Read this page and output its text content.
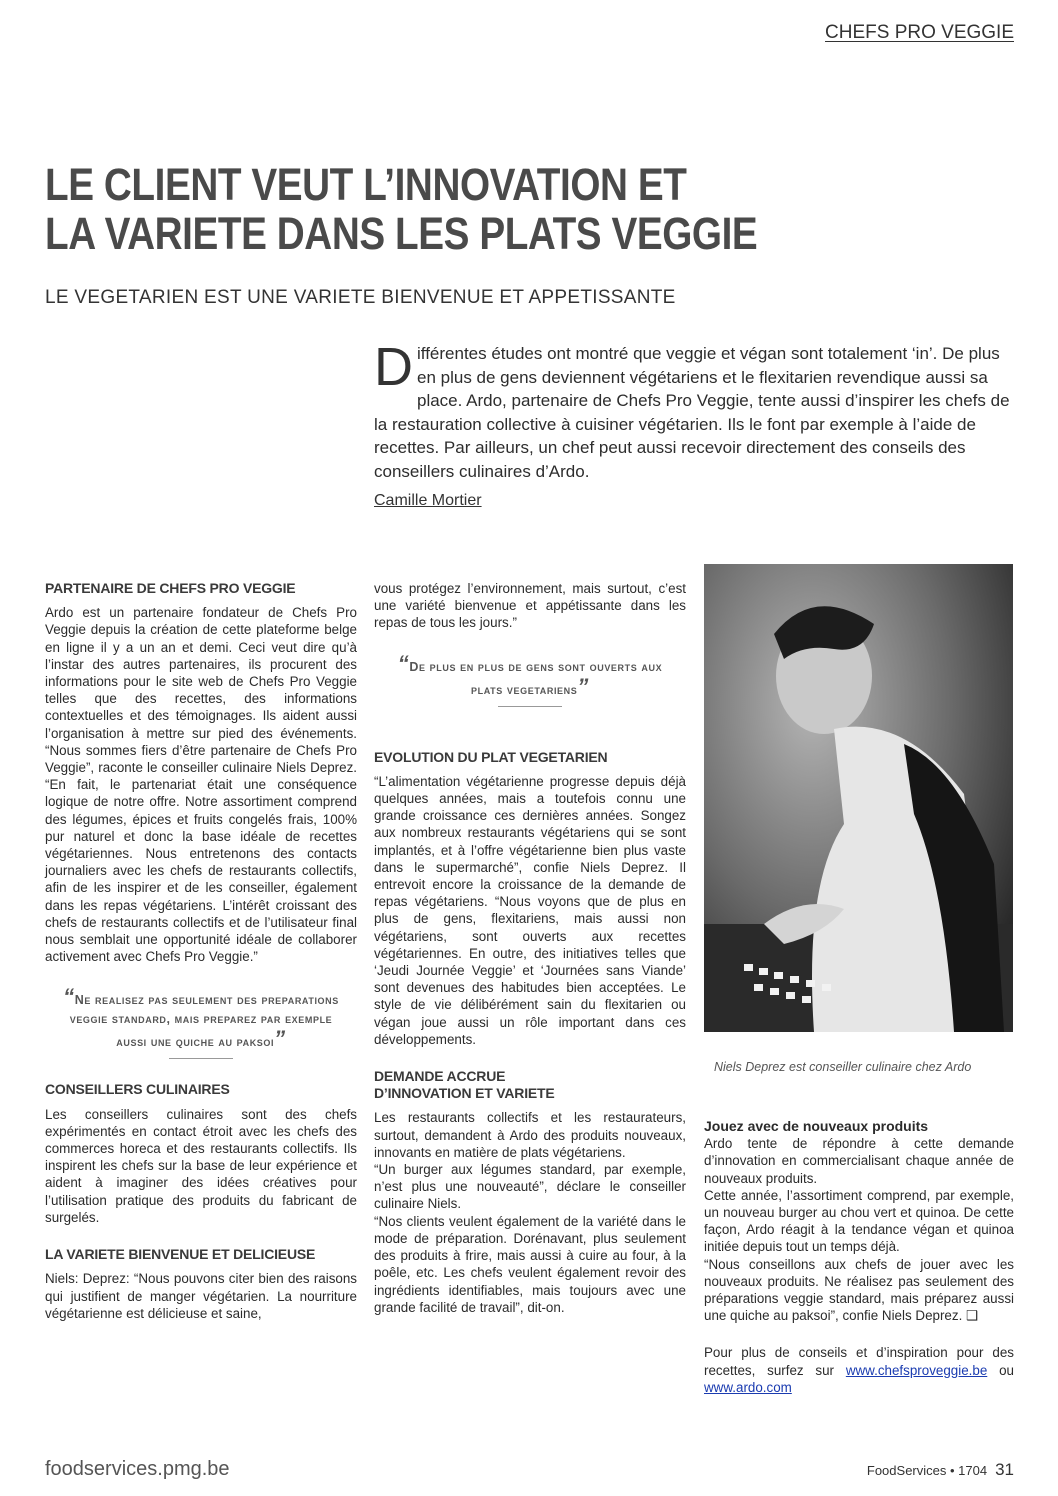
CHEFS PRO VEGGIE
LE CLIENT VEUT L’INNOVATION ET
LA VARIETE DANS LES PLATS VEGGIE
LE VEGETARIEN EST UNE VARIETE BIENVENUE ET APPETISSANTE
Différentes études ont montré que veggie et végan sont totalement ‘in’. De plus en plus de gens deviennent végétariens et le flexitarien revendique aussi sa place. Ardo, partenaire de Chefs Pro Veggie, tente aussi d’inspirer les chefs de la restauration collective à cuisiner végétarien. Ils le font par exemple à l’aide de recettes. Par ailleurs, un chef peut aussi recevoir directement des conseils des conseillers culinaires d’Ardo.
Camille Mortier
PARTENAIRE DE CHEFS PRO VEGGIE
Ardo est un partenaire fondateur de Chefs Pro Veggie depuis la création de cette plateforme belge en ligne il y a un an et demi. Ceci veut dire qu’à l’instar des autres partenaires, ils procurent des informations pour le site web de Chefs Pro Veggie telles que des recettes, des informations contextuelles et des témoignages. Ils aident aussi l’organisation à mettre sur pied des événements. “Nous sommes fiers d’être partenaire de Chefs Pro Veggie”, raconte le conseiller culinaire Niels Deprez. “En fait, le partenariat était une conséquence logique de notre offre. Notre assortiment comprend des légumes, épices et fruits congelés frais, 100% pur naturel et donc la base idéale de recettes végétariennes. Nous entretenons des contacts journaliers avec les chefs de restaurants collectifs, afin de les inspirer et de les conseiller, également dans les repas végétariens. L’intérêt croissant des chefs de restaurants collectifs et de l’utilisateur final nous semblait une opportunité idéale de collaborer activement avec Chefs Pro Veggie.”
“Ne realisez pas seulement des preparations veggie standard, mais preparez par exemple aussi une quiche au paksoi”
CONSEILLERS CULINAIRES
Les conseillers culinaires sont des chefs expérimentés en contact étroit avec les chefs des commerces horeca et des restaurants collectifs. Ils inspirent les chefs sur la base de leur expérience et aident à imaginer des idées créatives pour l’utilisation pratique des produits du fabricant de surgelés.
LA VARIETE BIENVENUE ET DELICIEUSE
Niels: Deprez: “Nous pouvons citer bien des raisons qui justifient de manger végétarien. La nourriture végétarienne est délicieuse et saine,
vous protégez l’environnement, mais surtout, c’est une variété bienvenue et appétissante dans les repas de tous les jours.”
“De plus en plus de gens sont ouverts aux plats vegetariens”
EVOLUTION DU PLAT VEGETARIEN
“L’alimentation végétarienne progresse depuis déjà quelques années, mais a toutefois connu une grande croissance ces dernières années. Songez aux nombreux restaurants végétariens qui se sont implantés, et à l’offre végétarienne bien plus vaste dans le supermarché”, confie Niels Deprez. Il entrevoit encore la croissance de la demande de repas végétariens. “Nous voyons que de plus en plus de gens, flexitariens, mais aussi non végétariens, sont ouverts aux recettes végétariennes. En outre, des initiatives telles que ‘Jeudi Journée Veggie’ et ‘Journées sans Viande’ sont devenues des habitudes bien acceptées. Le style de vie délibérément sain du flexitarien ou végan joue aussi un rôle important dans ces développements.
DEMANDE ACCRUE
D’INNOVATION ET VARIETE
Les restaurants collectifs et les restaurateurs, surtout, demandent à Ardo des produits nouveaux, innovants en matière de plats végétariens.
“Un burger aux légumes standard, par exemple, n’est plus une nouveauté”, déclare le conseiller culinaire Niels.
“Nos clients veulent également de la variété dans le mode de préparation. Dorénavant, plus seulement des produits à frire, mais aussi à cuire au four, à la poêle, etc. Les chefs veulent également revoir des ingrédients identifiables, mais toujours avec une grande facilité de travail”, dit-on.
Niels Deprez est conseiller culinaire chez Ardo
Jouez avec de nouveaux produits
Ardo tente de répondre à cette demande d’innovation en commercialisant chaque année de nouveaux produits.
Cette année, l’assortiment comprend, par exemple, un nouveau burger au chou vert et quinoa. De cette façon, Ardo réagit à la tendance végan et quinoa initiée depuis tout un temps déjà.
“Nous conseillons aux chefs de jouer avec les nouveaux produits. Ne réalisez pas seulement des préparations veggie standard, mais préparez aussi une quiche au paksoi”, confie Niels Deprez. ❑
Pour plus de conseils et d’inspiration pour des recettes, surfez sur www.chefsproveggie.be ou www.ardo.com
foodservices.pmg.be	FoodServices • 1704 31
